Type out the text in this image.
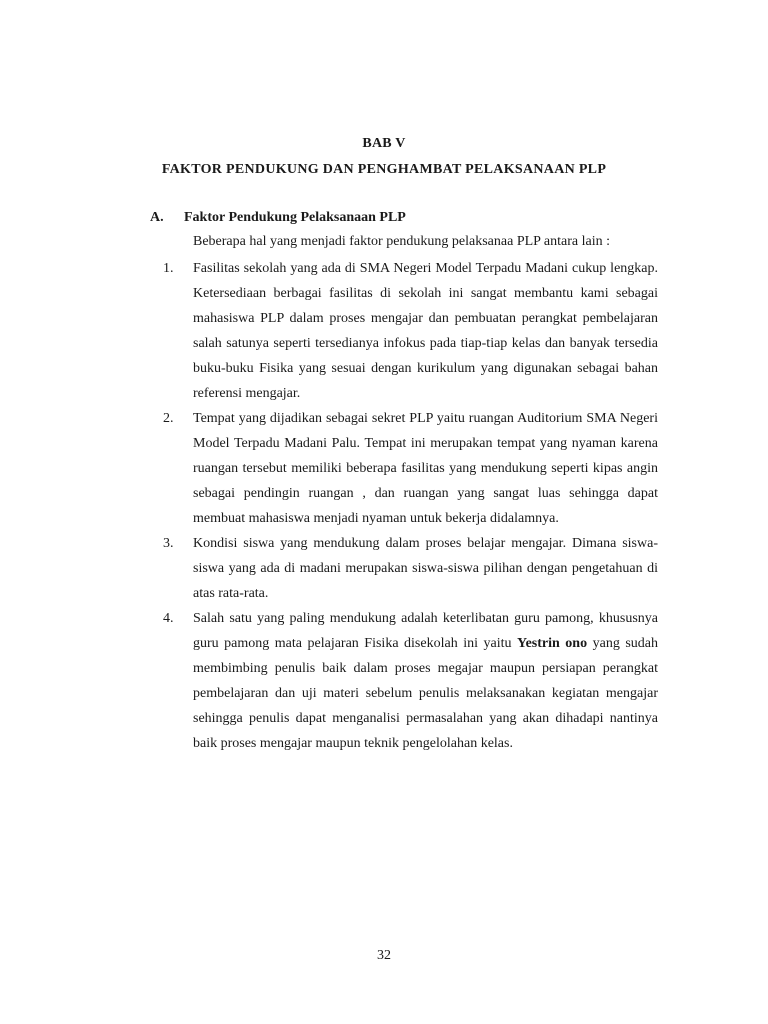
BAB V
FAKTOR PENDUKUNG DAN PENGHAMBAT PELAKSANAAN PLP
A. Faktor Pendukung Pelaksanaan PLP

Beberapa hal yang menjadi faktor pendukung pelaksanaa PLP antara lain :

1. Fasilitas sekolah yang ada di SMA Negeri Model Terpadu Madani cukup lengkap. Ketersediaan berbagai fasilitas di sekolah ini sangat membantu kami sebagai mahasiswa PLP dalam proses mengajar dan pembuatan perangkat pembelajaran salah satunya seperti tersedianya infokus pada tiap-tiap kelas dan banyak tersedia buku-buku Fisika yang sesuai dengan kurikulum yang digunakan sebagai bahan referensi mengajar.

2. Tempat yang dijadikan sebagai sekret PLP yaitu ruangan Auditorium SMA Negeri Model Terpadu Madani Palu. Tempat ini merupakan tempat yang nyaman karena ruangan tersebut memiliki beberapa fasilitas yang mendukung seperti kipas angin sebagai pendingin ruangan , dan ruangan yang sangat luas sehingga dapat membuat mahasiswa menjadi nyaman untuk bekerja didalamnya.

3. Kondisi siswa yang mendukung dalam proses belajar mengajar. Dimana siswa-siswa yang ada di madani merupakan siswa-siswa pilihan dengan pengetahuan di atas rata-rata.

4. Salah satu yang paling mendukung adalah keterlibatan guru pamong, khususnya guru pamong mata pelajaran Fisika disekolah ini yaitu Yestrin ono yang sudah membimbing penulis baik dalam proses megajar maupun persiapan perangkat pembelajaran dan uji materi sebelum penulis melaksanakan kegiatan mengajar sehingga penulis dapat menganalisi permasalahan yang akan dihadapi nantinya baik proses mengajar maupun teknik pengelolahan kelas.

32
